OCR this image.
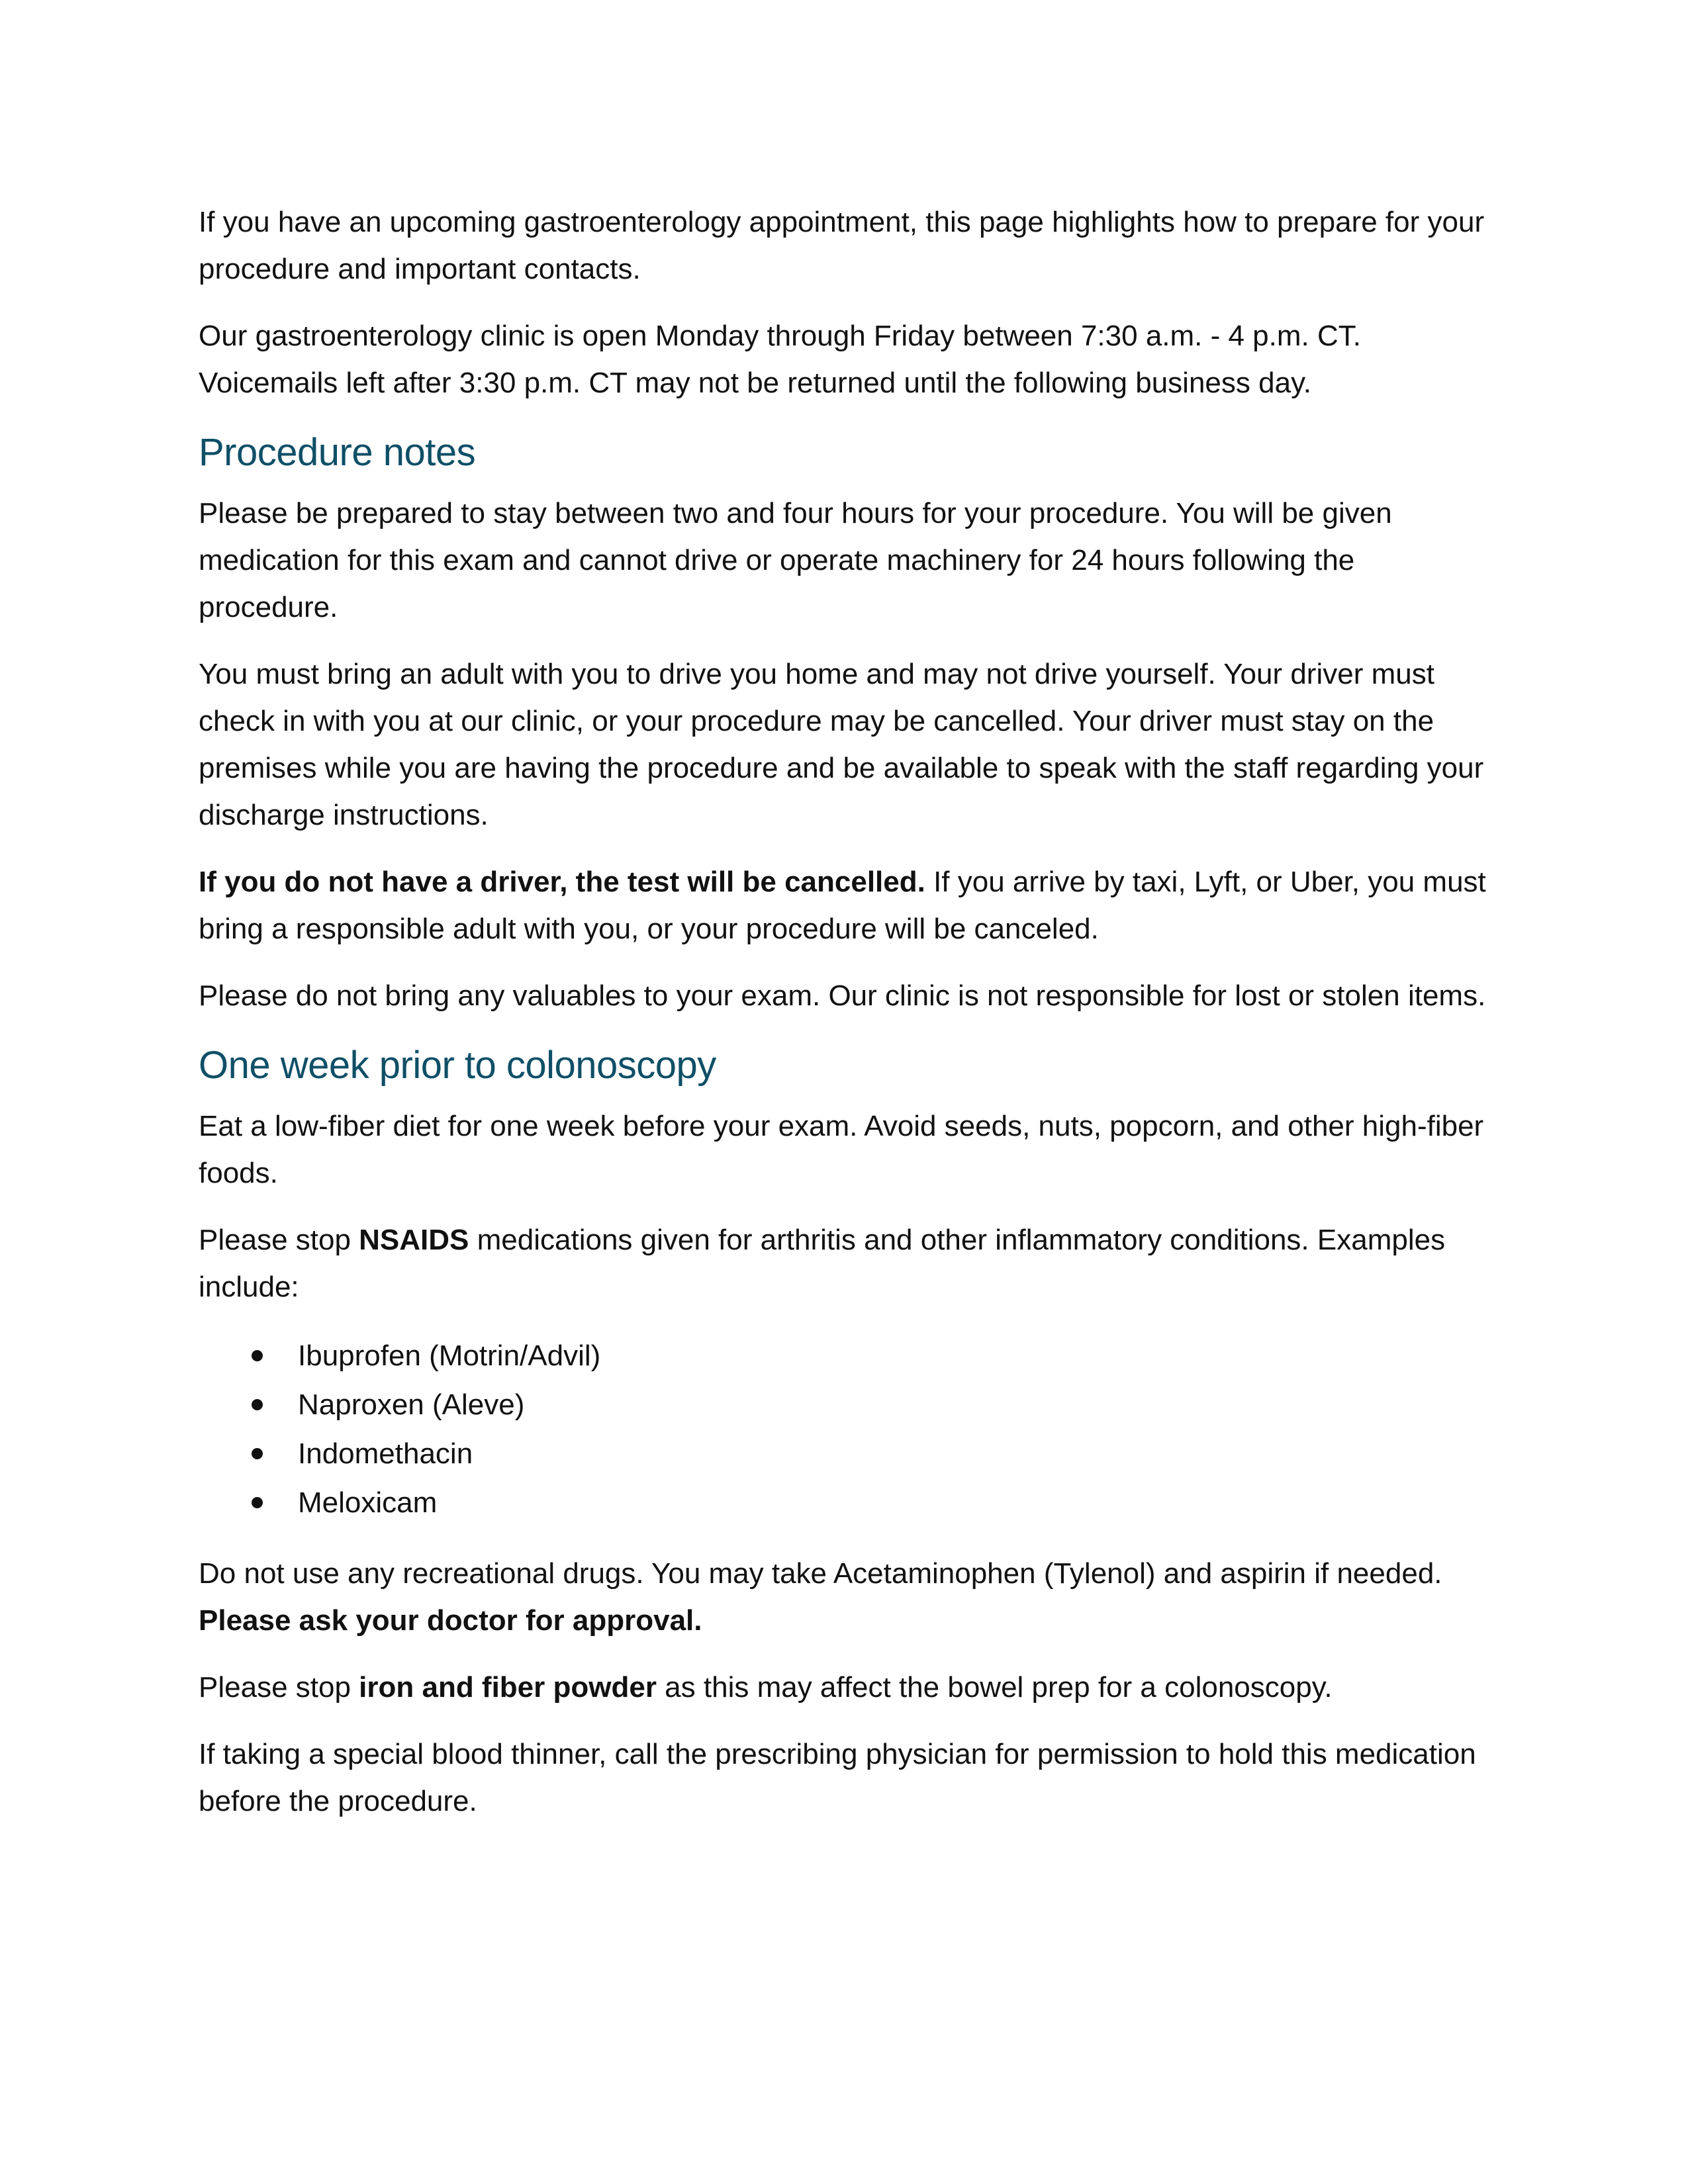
If you have an upcoming gastroenterology appointment, this page highlights how to prepare for your procedure and important contacts.

Our gastroenterology clinic is open Monday through Friday between 7:30 a.m. - 4 p.m. CT. Voicemails left after 3:30 p.m. CT may not be returned until the following business day.

Procedure notes

Please be prepared to stay between two and four hours for your procedure. You will be given medication for this exam and cannot drive or operate machinery for 24 hours following the procedure.

You must bring an adult with you to drive you home and may not drive yourself. Your driver must check in with you at our clinic, or your procedure may be cancelled. Your driver must stay on the premises while you are having the procedure and be available to speak with the staff regarding your discharge instructions.

If you do not have a driver, the test will be cancelled. If you arrive by taxi, Lyft, or Uber, you must bring a responsible adult with you, or your procedure will be canceled.

Please do not bring any valuables to your exam. Our clinic is not responsible for lost or stolen items.

One week prior to colonoscopy

Eat a low-fiber diet for one week before your exam. Avoid seeds, nuts, popcorn, and other high-fiber foods.

Please stop NSAIDS medications given for arthritis and other inflammatory conditions. Examples include:

Ibuprofen (Motrin/Advil)
Naproxen (Aleve)
Indomethacin
Meloxicam

Do not use any recreational drugs. You may take Acetaminophen (Tylenol) and aspirin if needed. Please ask your doctor for approval.

Please stop iron and fiber powder as this may affect the bowel prep for a colonoscopy.

If taking a special blood thinner, call the prescribing physician for permission to hold this medication before the procedure.
